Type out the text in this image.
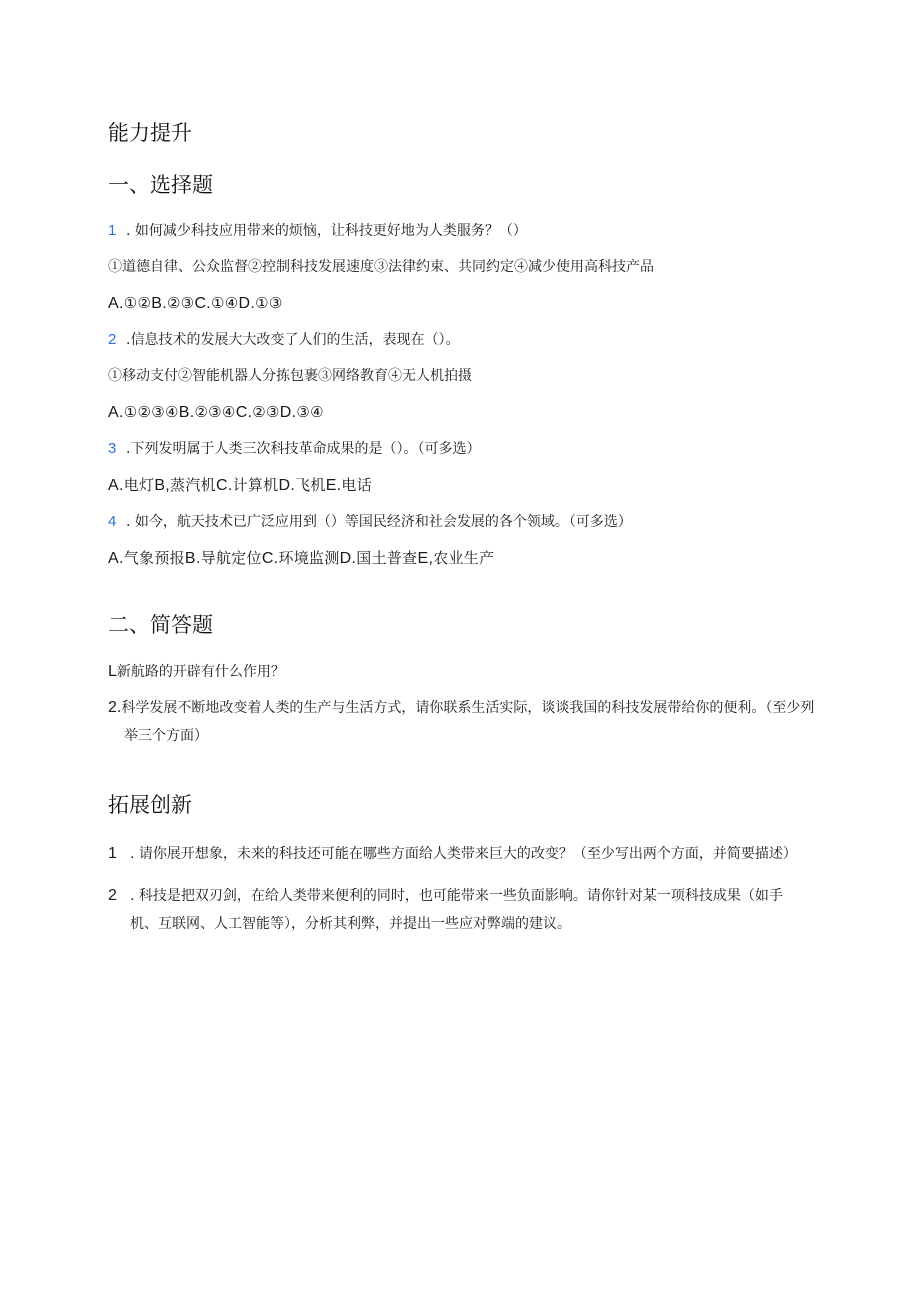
能力提升
一、选择题
1 . 如何减少科技应用带来的烦恼，让科技更好地为人类服务？（）
①道德自律、公众监督②控制科技发展速度③法律约束、共同约定④减少使用高科技产品
A.①②B.②③C.①④D.①③
2 .信息技术的发展大大改变了人们的生活，表现在（）。
①移动支付②智能机器人分拣包裹③网络教育④无人机拍摄
A.①②③④B.②③④C.②③D.③④
3 .下列发明属于人类三次科技革命成果的是（）。（可多选）
A.电灯B,蒸汽机C.计算机D.飞机E.电话
4 . 如今，航天技术已广泛应用到（）等国民经济和社会发展的各个领域。（可多选）
A.气象预报B.导航定位C.环境监测D.国土普查E,农业生产
二、简答题
L新航路的开辟有什么作用？
2.科学发展不断地改变着人类的生产与生活方式，请你联系生活实际，谈谈我国的科技发展带给你的便利。（至少列举三个方面）
拓展创新
1 . 请你展开想象，未来的科技还可能在哪些方面给人类带来巨大的改变？（至少写出两个方面，并简要描述）
2 . 科技是把双刃剑，在给人类带来便利的同时，也可能带来一些负面影响。请你针对某一项科技成果（如手机、互联网、人工智能等），分析其利弊，并提出一些应对弊端的建议。
